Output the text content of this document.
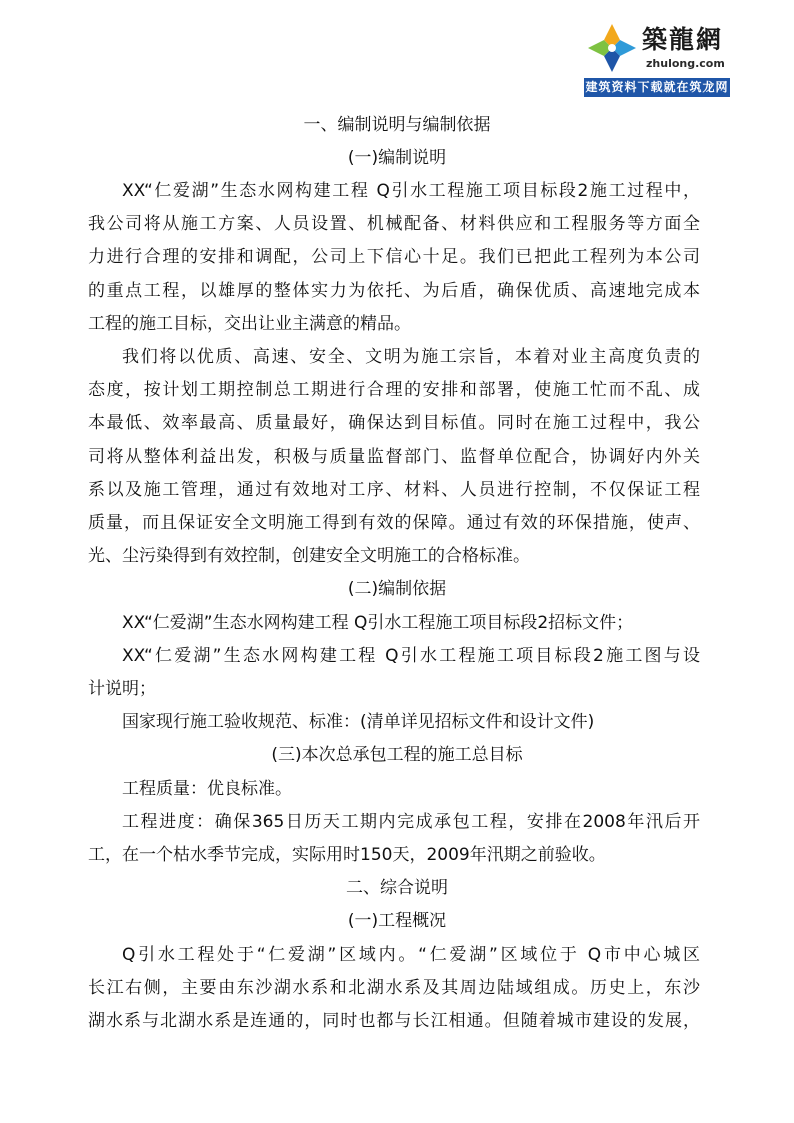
築龍網
zhulong.com
建筑资料下载就在筑龙网
一、编制说明与编制依据
(一)编制说明
XX“仁爱湖”生态水网构建工程 Q引水工程施工项目标段2施工过程中，
我公司将从施工方案、人员设置、机械配备、材料供应和工程服务等方面全
力进行合理的安排和调配，公司上下信心十足。我们已把此工程列为本公司
的重点工程，以雄厚的整体实力为依托、为后盾，确保优质、高速地完成本
工程的施工目标，交出让业主满意的精品。
我们将以优质、高速、安全、文明为施工宗旨，本着对业主高度负责的
态度，按计划工期控制总工期进行合理的安排和部署，使施工忙而不乱、成
本最低、效率最高、质量最好，确保达到目标值。同时在施工过程中，我公
司将从整体利益出发，积极与质量监督部门、监督单位配合，协调好内外关
系以及施工管理，通过有效地对工序、材料、人员进行控制，不仅保证工程
质量，而且保证安全文明施工得到有效的保障。通过有效的环保措施，使声、
光、尘污染得到有效控制，创建安全文明施工的合格标准。
(二)编制依据
XX“仁爱湖”生态水网构建工程 Q引水工程施工项目标段2招标文件；
XX“仁爱湖”生态水网构建工程 Q引水工程施工项目标段2施工图与设
计说明；
国家现行施工验收规范、标准：(清单详见招标文件和设计文件)
(三)本次总承包工程的施工总目标
工程质量：优良标准。
工程进度：确保365日历天工期内完成承包工程，安排在2008年汛后开
工，在一个枯水季节完成，实际用时150天，2009年汛期之前验收。
二、综合说明
(一)工程概况
Q引水工程处于“仁爱湖”区域内。“仁爱湖”区域位于 Q市中心城区
长江右侧，主要由东沙湖水系和北湖水系及其周边陆域组成。历史上，东沙
湖水系与北湖水系是连通的，同时也都与长江相通。但随着城市建设的发展，
